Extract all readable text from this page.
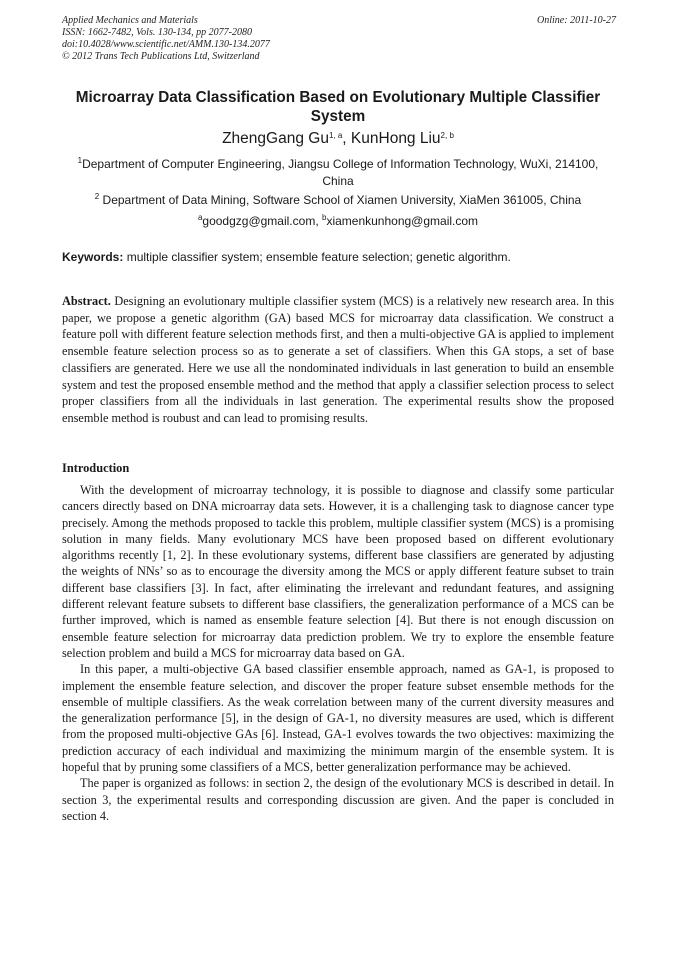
Applied Mechanics and Materials
ISSN: 1662-7482, Vols. 130-134, pp 2077-2080
doi:10.4028/www.scientific.net/AMM.130-134.2077
© 2012 Trans Tech Publications Ltd, Switzerland
Online: 2011-10-27
Microarray Data Classification Based on Evolutionary Multiple Classifier System
ZhengGang Gu$^{1, a}$, KunHong Liu$^{2, b}$
$^1$Department of Computer Engineering, Jiangsu College of Information Technology, WuXi, 214100, China
$^2$ Department of Data Mining, Software School of Xiamen University, XiaMen 361005, China
$^a$goodgzg@gmail.com, $^b$xiamenkunhong@gmail.com
Keywords: multiple classifier system; ensemble feature selection; genetic algorithm.

Abstract. Designing an evolutionary multiple classifier system (MCS) is a relatively new research area. In this paper, we propose a genetic algorithm (GA) based MCS for microarray data classification. We construct a feature poll with different feature selection methods first, and then a multi-objective GA is applied to implement ensemble feature selection process so as to generate a set of classifiers. When this GA stops, a set of base classifiers are generated. Here we use all the nondominated individuals in last generation to build an ensemble system and test the proposed ensemble method and the method that apply a classifier selection process to select proper classifiers from all the individuals in last generation. The experimental results show the proposed ensemble method is roubust and can lead to promising results.

Introduction

With the development of microarray technology, it is possible to diagnose and classify some particular cancers directly based on DNA microarray data sets. However, it is a challenging task to diagnose cancer type precisely. Among the methods proposed to tackle this problem, multiple classifier system (MCS) is a promising solution in many fields. Many evolutionary MCS have been proposed based on different evolutionary algorithms recently [1, 2]. In these evolutionary systems, different base classifiers are generated by adjusting the weights of NNs’ so as to encourage the diversity among the MCS or apply different feature subset to train different base classifiers [3]. In fact, after eliminating the irrelevant and redundant features, and assigning different relevant feature subsets to different base classifiers, the generalization performance of a MCS can be further improved, which is named as ensemble feature selection [4]. But there is not enough discussion on ensemble feature selection for microarray data prediction problem. We try to explore the ensemble feature selection problem and build a MCS for microarray data based on GA.

In this paper, a multi-objective GA based classifier ensemble approach, named as GA-1, is proposed to implement the ensemble feature selection, and discover the proper feature subset ensemble methods for the ensemble of multiple classifiers. As the weak correlation between many of the current diversity measures and the generalization performance [5], in the design of GA-1, no diversity measures are used, which is different from the proposed multi-objective GAs [6]. Instead, GA-1 evolves towards the two objectives: maximizing the prediction accuracy of each individual and maximizing the minimum margin of the ensemble system. It is hopeful that by pruning some classifiers of a MCS, better generalization performance may be achieved.

The paper is organized as follows: in section 2, the design of the evolutionary MCS is described in detail. In section 3, the experimental results and corresponding discussion are given. And the paper is concluded in section 4.
